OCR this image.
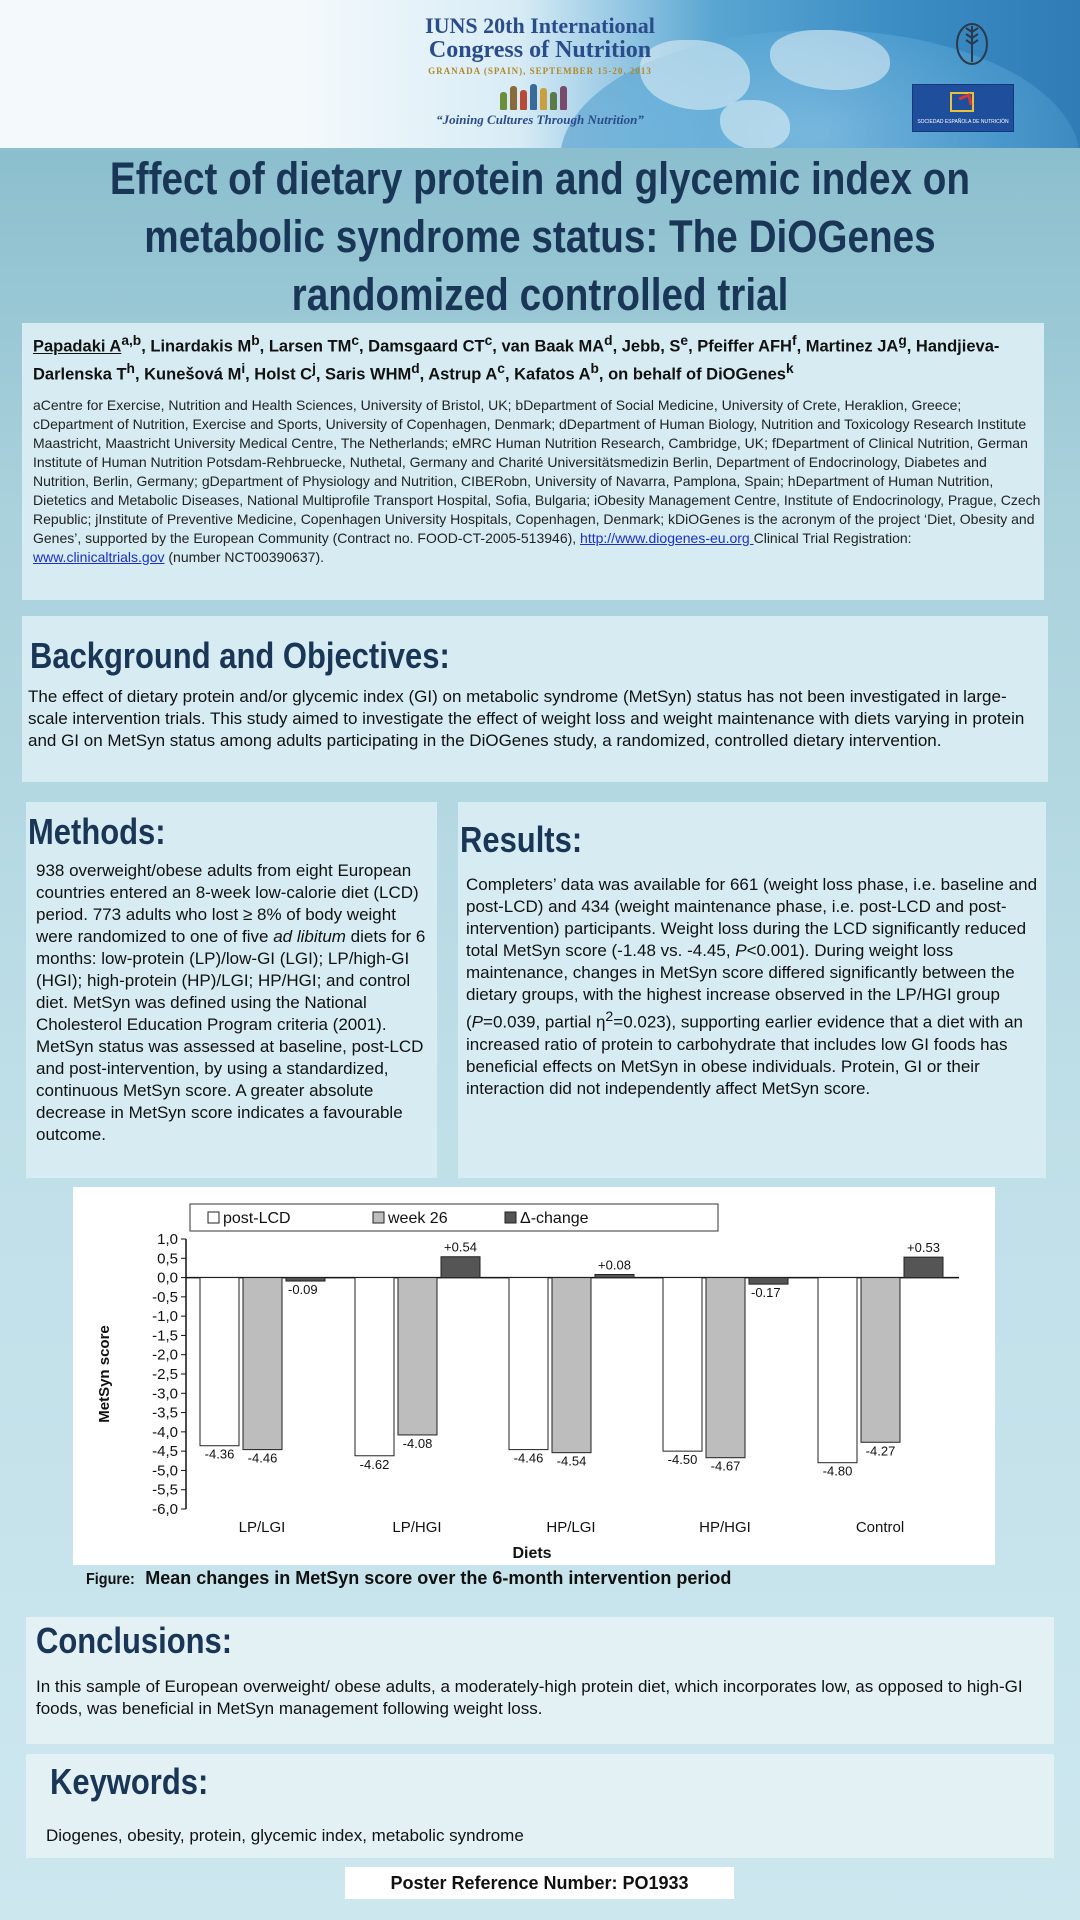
IUNS 20th International
Congress of Nutrition
GRANADA (SPAIN), SEPTEMBER 15-20, 2013
“Joining Cultures Through Nutrition”	SOCIEDAD ESPAÑOLA DE NUTRICIÓN
Effect of dietary protein and glycemic index on metabolic syndrome status: The DiOGenes randomized controlled trial
Papadaki A$^{a,b}$, Linardakis $M^b$, Larsen $TM^c$, Damsgaard $CT^c$, van Baak $MA^d$, Jebb, $S^e$, Pfeiffer AFH$^f$, Martinez $JA^g$, Handjieva-Darlenska $T^h$, Kunešová $M^i$, Holst $C^j$, Saris WHM$^d$, Astrup $A^c$, Kafatos $A^b$, on behalf of DiOGenes$^k$
aCentre for Exercise, Nutrition and Health Sciences, University of Bristol, UK; bDepartment of Social Medicine, University of Crete, Heraklion, Greece; cDepartment of Nutrition, Exercise and Sports, University of Copenhagen, Denmark; dDepartment of Human Biology, Nutrition and Toxicology Research Institute Maastricht, Maastricht University Medical Centre, The Netherlands; eMRC Human Nutrition Research, Cambridge, UK; fDepartment of Clinical Nutrition, German Institute of Human Nutrition Potsdam-Rehbruecke, Nuthetal, Germany and Charité Universitätsmedizin Berlin, Department of Endocrinology, Diabetes and Nutrition, Berlin, Germany; gDepartment of Physiology and Nutrition, CIBERobn, University of Navarra, Pamplona, Spain; hDepartment of Human Nutrition, Dietetics and Metabolic Diseases, National Multiprofile Transport Hospital, Sofia, Bulgaria; iObesity Management Centre, Institute of Endocrinology, Prague, Czech Republic; jInstitute of Preventive Medicine, Copenhagen University Hospitals, Copenhagen, Denmark; kDiOGenes is the acronym of the project ‘Diet, Obesity and Genes’, supported by the European Community (Contract no. FOOD-CT-2005-513946), http://www.diogenes-eu.org Clinical Trial Registration: www.clinicaltrials.gov (number NCT00390637).
Background and Objectives:
The effect of dietary protein and/or glycemic index (GI) on metabolic syndrome (MetSyn) status has not been investigated in large-scale intervention trials. This study aimed to investigate the effect of weight loss and weight maintenance with diets varying in protein and GI on MetSyn status among adults participating in the DiOGenes study, a randomized, controlled dietary intervention.
Methods:
938 overweight/obese adults from eight European countries entered an 8-week low-calorie diet (LCD) period. 773 adults who lost ≥ 8% of body weight were randomized to one of five ad libitum diets for 6 months: low-protein (LP)/low-GI (LGI); LP/high-GI (HGI); high-protein (HP)/LGI; HP/HGI; and control diet. MetSyn was defined using the National Cholesterol Education Program criteria (2001). MetSyn status was assessed at baseline, post-LCD and post-intervention, by using a standardized, continuous MetSyn score. A greater absolute decrease in MetSyn score indicates a favourable outcome.
Results:
Completers’ data was available for 661 (weight loss phase, i.e. baseline and post-LCD) and 434 (weight maintenance phase, i.e. post-LCD and post-intervention) participants. Weight loss during the LCD significantly reduced total MetSyn score (-1.48 vs. -4.45, P<0.001). During weight loss maintenance, changes in MetSyn score differed significantly between the dietary groups, with the highest increase observed in the LP/HGI group (P=0.039, partial $\eta^2=0.023$), supporting earlier evidence that a diet with an increased ratio of protein to carbohydrate that includes low GI foods has beneficial effects on MetSyn in obese individuals. Protein, GI or their interaction did not independently affect MetSyn score.
post-LCD	week 26	Δ-change
1,0
0,5
0,0
-0,5
-1,0
-1,5
-2,0
-2,5
-3,0
-3,5
-4,0
-4,5
-5,0
-5,5
-6,0
MetSyn score
Diets
-4.36 -4.46
-0.09
LP/LGI
-4.62
-4.08
+0.54
LP/HGI
-4.46 -4.54
+0.08
HP/LGI
-4.50 -4.67
-0.17
HP/HGI
-4.80
-4.27
+0.53
Control
Figure: Mean changes in MetSyn score over the 6-month intervention period
Conclusions:
In this sample of European overweight/ obese adults, a moderately-high protein diet, which incorporates low, as opposed to high-GI foods, was beneficial in MetSyn management following weight loss.
Keywords:
Diogenes, obesity, protein, glycemic index, metabolic syndrome
Poster Reference Number: PO1933
